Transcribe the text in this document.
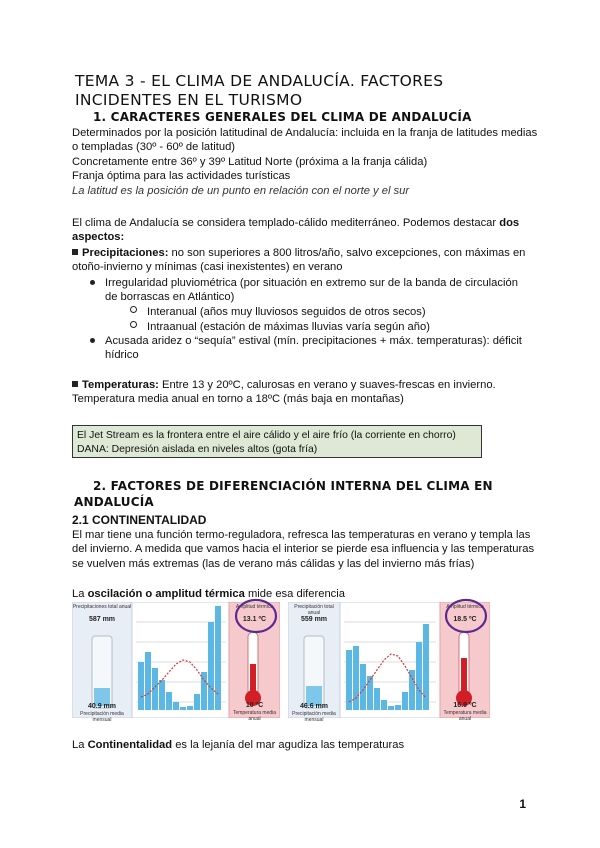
TEMA 3 - EL CLIMA DE ANDALUCÍA. FACTORES INCIDENTES EN EL TURISMO
1. CARACTERES GENERALES DEL CLIMA DE ANDALUCÍA
Determinados por la posición latitudinal de Andalucía: incluida en la franja de latitudes medias o templadas (30º - 60º de latitud)
Concretamente entre 36º y 39º Latitud Norte (próxima a la franja cálida)
Franja óptima para las actividades turísticas
La latitud es la posición de un punto en relación con el norte y el sur
El clima de Andalucía se considera templado-cálido mediterráneo. Podemos destacar dos aspectos:
Precipitaciones: no son superiores a 800 litros/año, salvo excepciones, con máximas en otoño-invierno y mínimas (casi inexistentes) en verano
Irregularidad pluviométrica (por situación en extremo sur de la banda de circulación de borrascas en Atlántico)
Interanual (años muy lluviosos seguidos de otros secos)
Intraanual (estación de máximas lluvias varía según año)
Acusada aridez o “sequía” estival (mín. precipitaciones + máx. temperaturas): déficit hídrico
Temperaturas: Entre 13 y 20ºC, calurosas en verano y suaves-frescas en invierno.
Temperatura media anual en torno a 18ºC (más baja en montañas)
El Jet Stream es la frontera entre el aire cálido y el aire frío (la corriente en chorro)
DANA: Depresión aislada en niveles altos (gota fría)
2. FACTORES DE DIFERENCIACIÓN INTERNA DEL CLIMA EN
ANDALUCÍA
2.1 CONTINENTALIDAD
El mar tiene una función termo-reguladora, refresca las temperaturas en verano y templa las del invierno. A medida que vamos hacia el interior se pierde esa influencia y las temperaturas se vuelven más extremas (las de verano más cálidas y las del invierno más frías)
La oscilación o amplitud térmica mide esa diferencia
Precipitaciones total anual
587 mm
40.9 mm
Precipitación media mensual
Amplitud térmica
13.1 ºC
10 ºC
Temperatura media anual
Precipitación total anual
559 mm
46.6 mm
Precipitación media mensual
Amplitud térmica
18.5 ºC
16.9 ºC
Temperatura media anual
La Continentalidad es la lejanía del mar agudiza las temperaturas
1
